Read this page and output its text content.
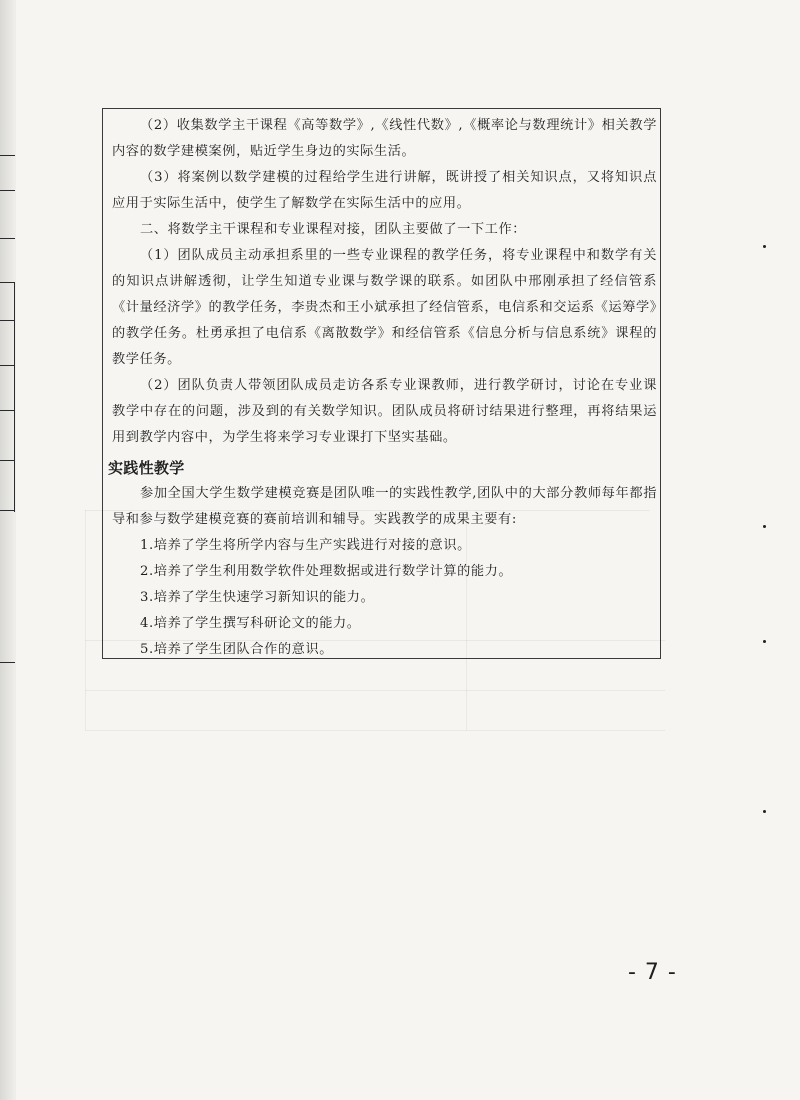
（2）收集数学主干课程《高等数学》,《线性代数》,《概率论与数理统计》相关教学内容的数学建模案例，贴近学生身边的实际生活。

（3）将案例以数学建模的过程给学生进行讲解，既讲授了相关知识点，又将知识点应用于实际生活中，使学生了解数学在实际生活中的应用。

二、将数学主干课程和专业课程对接，团队主要做了一下工作：

（1）团队成员主动承担系里的一些专业课程的教学任务，将专业课程中和数学有关的知识点讲解透彻，让学生知道专业课与数学课的联系。如团队中邢刚承担了经信管系《计量经济学》的教学任务，李贵杰和王小斌承担了经信管系，电信系和交运系《运筹学》的教学任务。杜勇承担了电信系《离散数学》和经信管系《信息分析与信息系统》课程的教学任务。

（2）团队负责人带领团队成员走访各系专业课教师，进行教学研讨，讨论在专业课教学中存在的问题，涉及到的有关数学知识。团队成员将研讨结果进行整理，再将结果运用到教学内容中，为学生将来学习专业课打下坚实基础。

实践性教学

参加全国大学生数学建模竞赛是团队唯一的实践性教学,团队中的大部分教师每年都指导和参与数学建模竞赛的赛前培训和辅导。实践教学的成果主要有:

1.培养了学生将所学内容与生产实践进行对接的意识。
2.培养了学生利用数学软件处理数据或进行数学计算的能力。
3.培养了学生快速学习新知识的能力。
4.培养了学生撰写科研论文的能力。
5.培养了学生团队合作的意识。
- 7 -
